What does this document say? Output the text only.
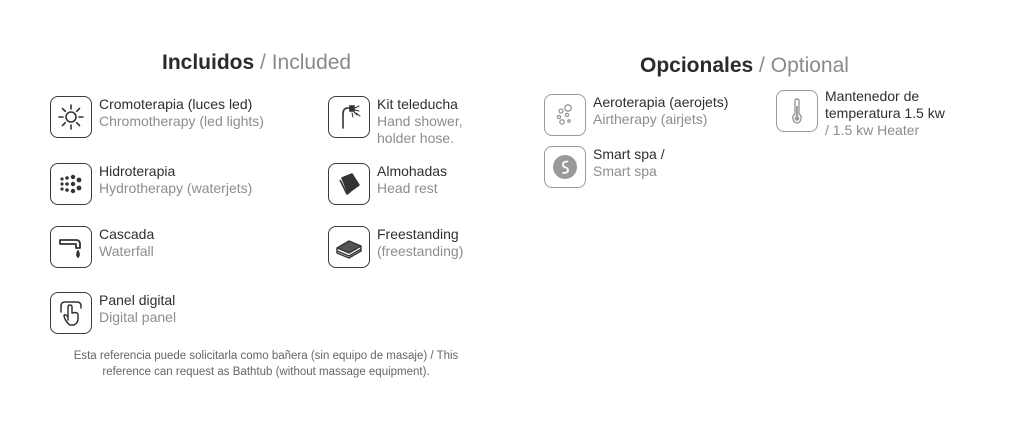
Incluidos / Included	Opcionales / Optional
Cromoterapia (luces led)
Chromotherapy (led lights)
Kit teleducha
Hand shower, holder hose.
Hidroterapia
Hydrotherapy (waterjets)
Almohadas
Head rest
Cascada
Waterfall
Freestanding
(freestanding)
Panel digital
Digital panel
Esta referencia puede solicitarla como bañera (sin equipo de masaje) / This reference can request as Bathtub (without massage equipment).
Aeroterapia (aerojets)
Airtherapy (airjets)
Mantenedor de temperatura 1.5 kw
/ 1.5 kw Heater
Smart spa /
Smart spa
